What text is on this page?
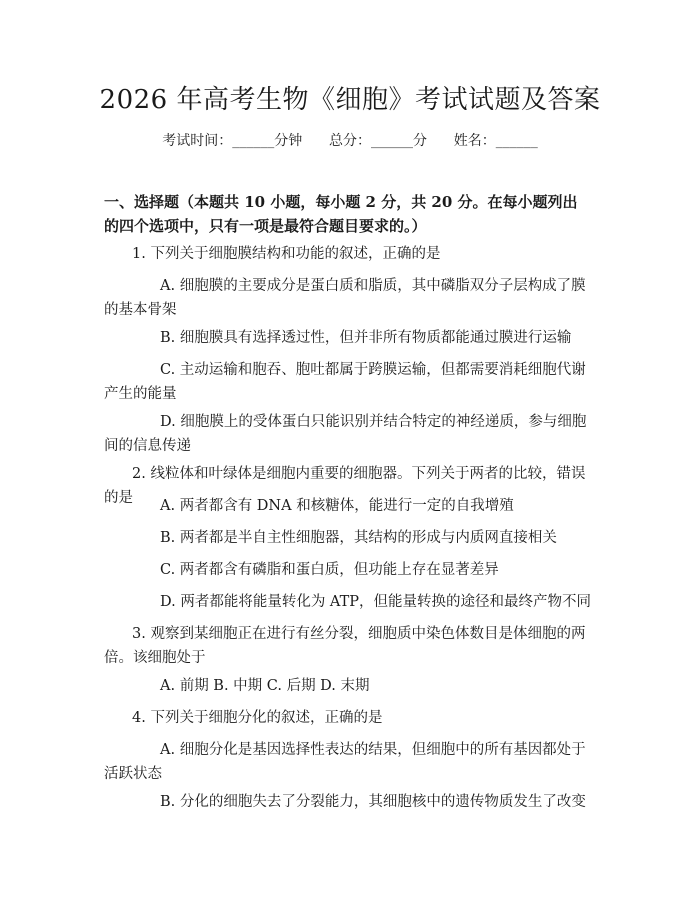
2026 年高考生物《细胞》考试试题及答案
考试时间：______分钟      总分：______分      姓名：______
一、选择题（本题共 10 小题，每小题 2 分，共 20 分。在每小题列出的四个选项中，只有一项是最符合题目要求的。）
1. 下列关于细胞膜结构和功能的叙述，正确的是
A. 细胞膜的主要成分是蛋白质和脂质，其中磷脂双分子层构成了膜的基本骨架
B. 细胞膜具有选择透过性，但并非所有物质都能通过膜进行运输
C. 主动运输和胞吞、胞吐都属于跨膜运输，但都需要消耗细胞代谢产生的能量
D. 细胞膜上的受体蛋白只能识别并结合特定的神经递质，参与细胞间的信息传递
2. 线粒体和叶绿体是细胞内重要的细胞器。下列关于两者的比较，错误的是	A. 两者都含有 DNA 和核糖体，能进行一定的自我增殖
B. 两者都是半自主性细胞器，其结构的形成与内质网直接相关
C. 两者都含有磷脂和蛋白质，但功能上存在显著差异
D. 两者都能将能量转化为 ATP，但能量转换的途径和最终产物不同
3. 观察到某细胞正在进行有丝分裂，细胞质中染色体数目是体细胞的两倍。该细胞处于
A. 前期 B. 中期 C. 后期 D. 末期
4. 下列关于细胞分化的叙述，正确的是
A. 细胞分化是基因选择性表达的结果，但细胞中的所有基因都处于活跃状态
B. 分化的细胞失去了分裂能力，其细胞核中的遗传物质发生了改变
